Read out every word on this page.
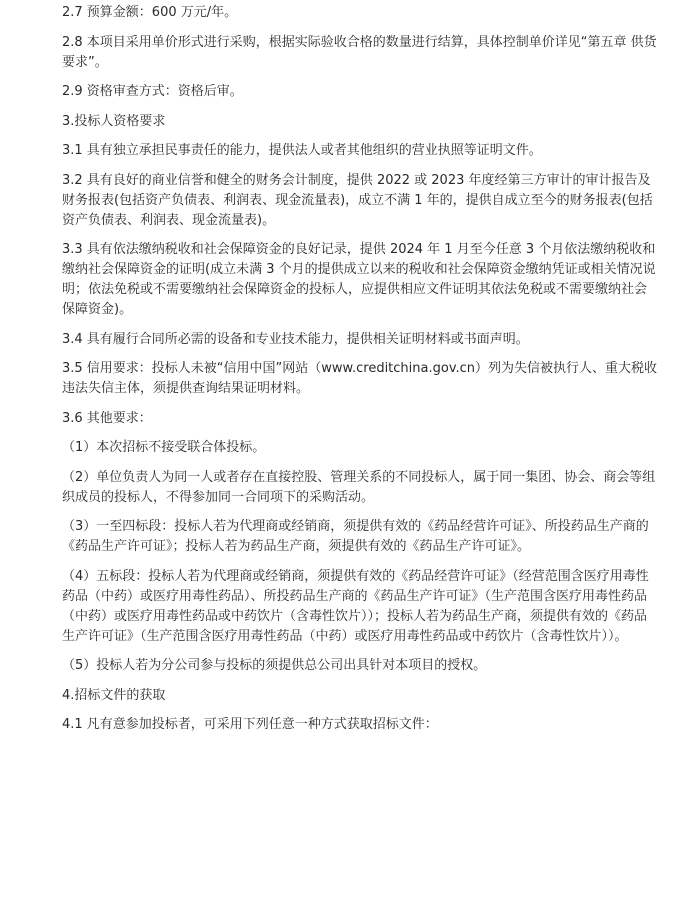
2.7 预算金额：600 万元/年。

2.8 本项目采用单价形式进行采购，根据实际验收合格的数量进行结算，具体控制单价详见“第五章 供货要求”。

2.9 资格审查方式：资格后审。

3.投标人资格要求

3.1 具有独立承担民事责任的能力，提供法人或者其他组织的营业执照等证明文件。

3.2 具有良好的商业信誉和健全的财务会计制度，提供 2022 或 2023 年度经第三方审计的审计报告及财务报表(包括资产负债表、利润表、现金流量表)，成立不满 1 年的，提供自成立至今的财务报表(包括资产负债表、利润表、现金流量表)。

3.3 具有依法缴纳税收和社会保障资金的良好记录，提供 2024 年 1 月至今任意 3 个月依法缴纳税收和缴纳社会保障资金的证明(成立未满 3 个月的提供成立以来的税收和社会保障资金缴纳凭证或相关情况说明；依法免税或不需要缴纳社会保障资金的投标人，应提供相应文件证明其依法免税或不需要缴纳社会保障资金)。

3.4 具有履行合同所必需的设备和专业技术能力，提供相关证明材料或书面声明。

3.5 信用要求：投标人未被“信用中国”网站（www.creditchina.gov.cn）列为失信被执行人、重大税收违法失信主体，须提供查询结果证明材料。

3.6 其他要求：

（1）本次招标不接受联合体投标。

（2）单位负责人为同一人或者存在直接控股、管理关系的不同投标人，属于同一集团、协会、商会等组织成员的投标人，不得参加同一合同项下的采购活动。

（3）一至四标段：投标人若为代理商或经销商，须提供有效的《药品经营许可证》、所投药品生产商的《药品生产许可证》；投标人若为药品生产商，须提供有效的《药品生产许可证》。

（4）五标段：投标人若为代理商或经销商，须提供有效的《药品经营许可证》（经营范围含医疗用毒性药品（中药）或医疗用毒性药品）、所投药品生产商的《药品生产许可证》（生产范围含医疗用毒性药品（中药）或医疗用毒性药品或中药饮片（含毒性饮片））；投标人若为药品生产商，须提供有效的《药品生产许可证》（生产范围含医疗用毒性药品（中药）或医疗用毒性药品或中药饮片（含毒性饮片））。

（5）投标人若为分公司参与投标的须提供总公司出具针对本项目的授权。

4.招标文件的获取

4.1 凡有意参加投标者，可采用下列任意一种方式获取招标文件：
